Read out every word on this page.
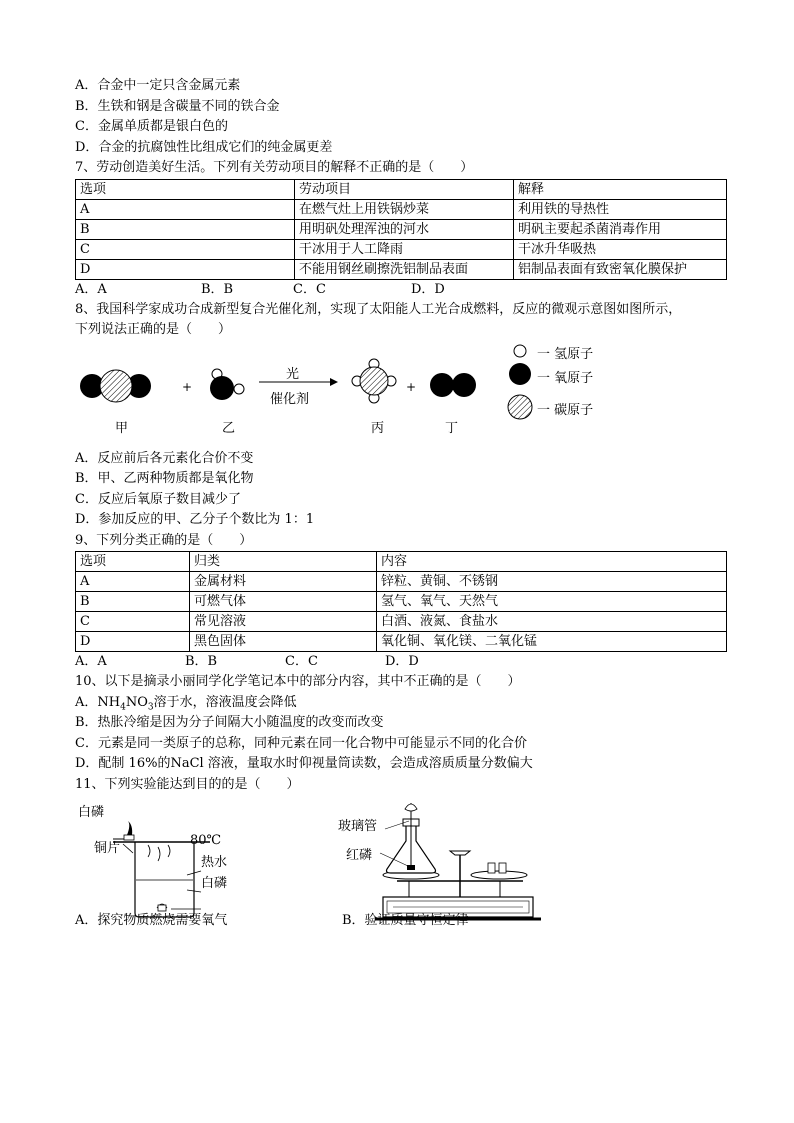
A．合金中一定只含金属元素
B．生铁和钢是含碳量不同的铁合金
C．金属单质都是银白色的
D．合金的抗腐蚀性比组成它们的纯金属更差
7、劳动创造美好生活。下列有关劳动项目的解释不正确的是（　　）
选项	劳动项目	解释
A	在燃气灶上用铁锅炒菜	利用铁的导热性
B	用明矾处理浑浊的河水	明矾主要起杀菌消毒作用
C	干冰用于人工降雨	干冰升华吸热
D	不能用钢丝刷擦洗铝制品表面	铝制品表面有致密氧化膜保护
A．A	B．B	C．C	D．D
8、我国科学家成功合成新型复合光催化剂，实现了太阳能人工光合成燃料，反应的微观示意图如图所示，
下列说法正确的是（　　）
+	+
甲	乙	丙	丁
光
催化剂
一 氢原子
一 氧原子
一 碳原子
A．反应前后各元素化合价不变
B．甲、乙两种物质都是氧化物
C．反应后氧原子数目减少了
D．参加反应的甲、乙分子个数比为 1：1
9、下列分类正确的是（　　）
选项	归类	内容
A	金属材料	锌粒、黄铜、不锈钢
B	可燃气体	氢气、氧气、天然气
C	常见溶液	白酒、液氮、食盐水
D	黑色固体	氧化铜、氧化镁、二氧化锰
A．A	B．B	C．C	D．D
10、以下是摘录小丽同学化学笔记本中的部分内容，其中不正确的是（　　）
A．$NH_4NO_3$溶于水，溶液温度会降低
B．热胀冷缩是因为分子间隔大小随温度的改变而改变
C．元素是同一类原子的总称，同种元素在同一化合物中可能显示不同的化合价
D．配制 16%的NaCl 溶液，量取水时仰视量筒读数，会造成溶质质量分数偏大
11、下列实验能达到目的的是（　　）
白磷
铜片
80℃
热水
白磷
玻璃管
红磷
A．探究物质燃烧需要氧气	B．验证质量守恒定律
